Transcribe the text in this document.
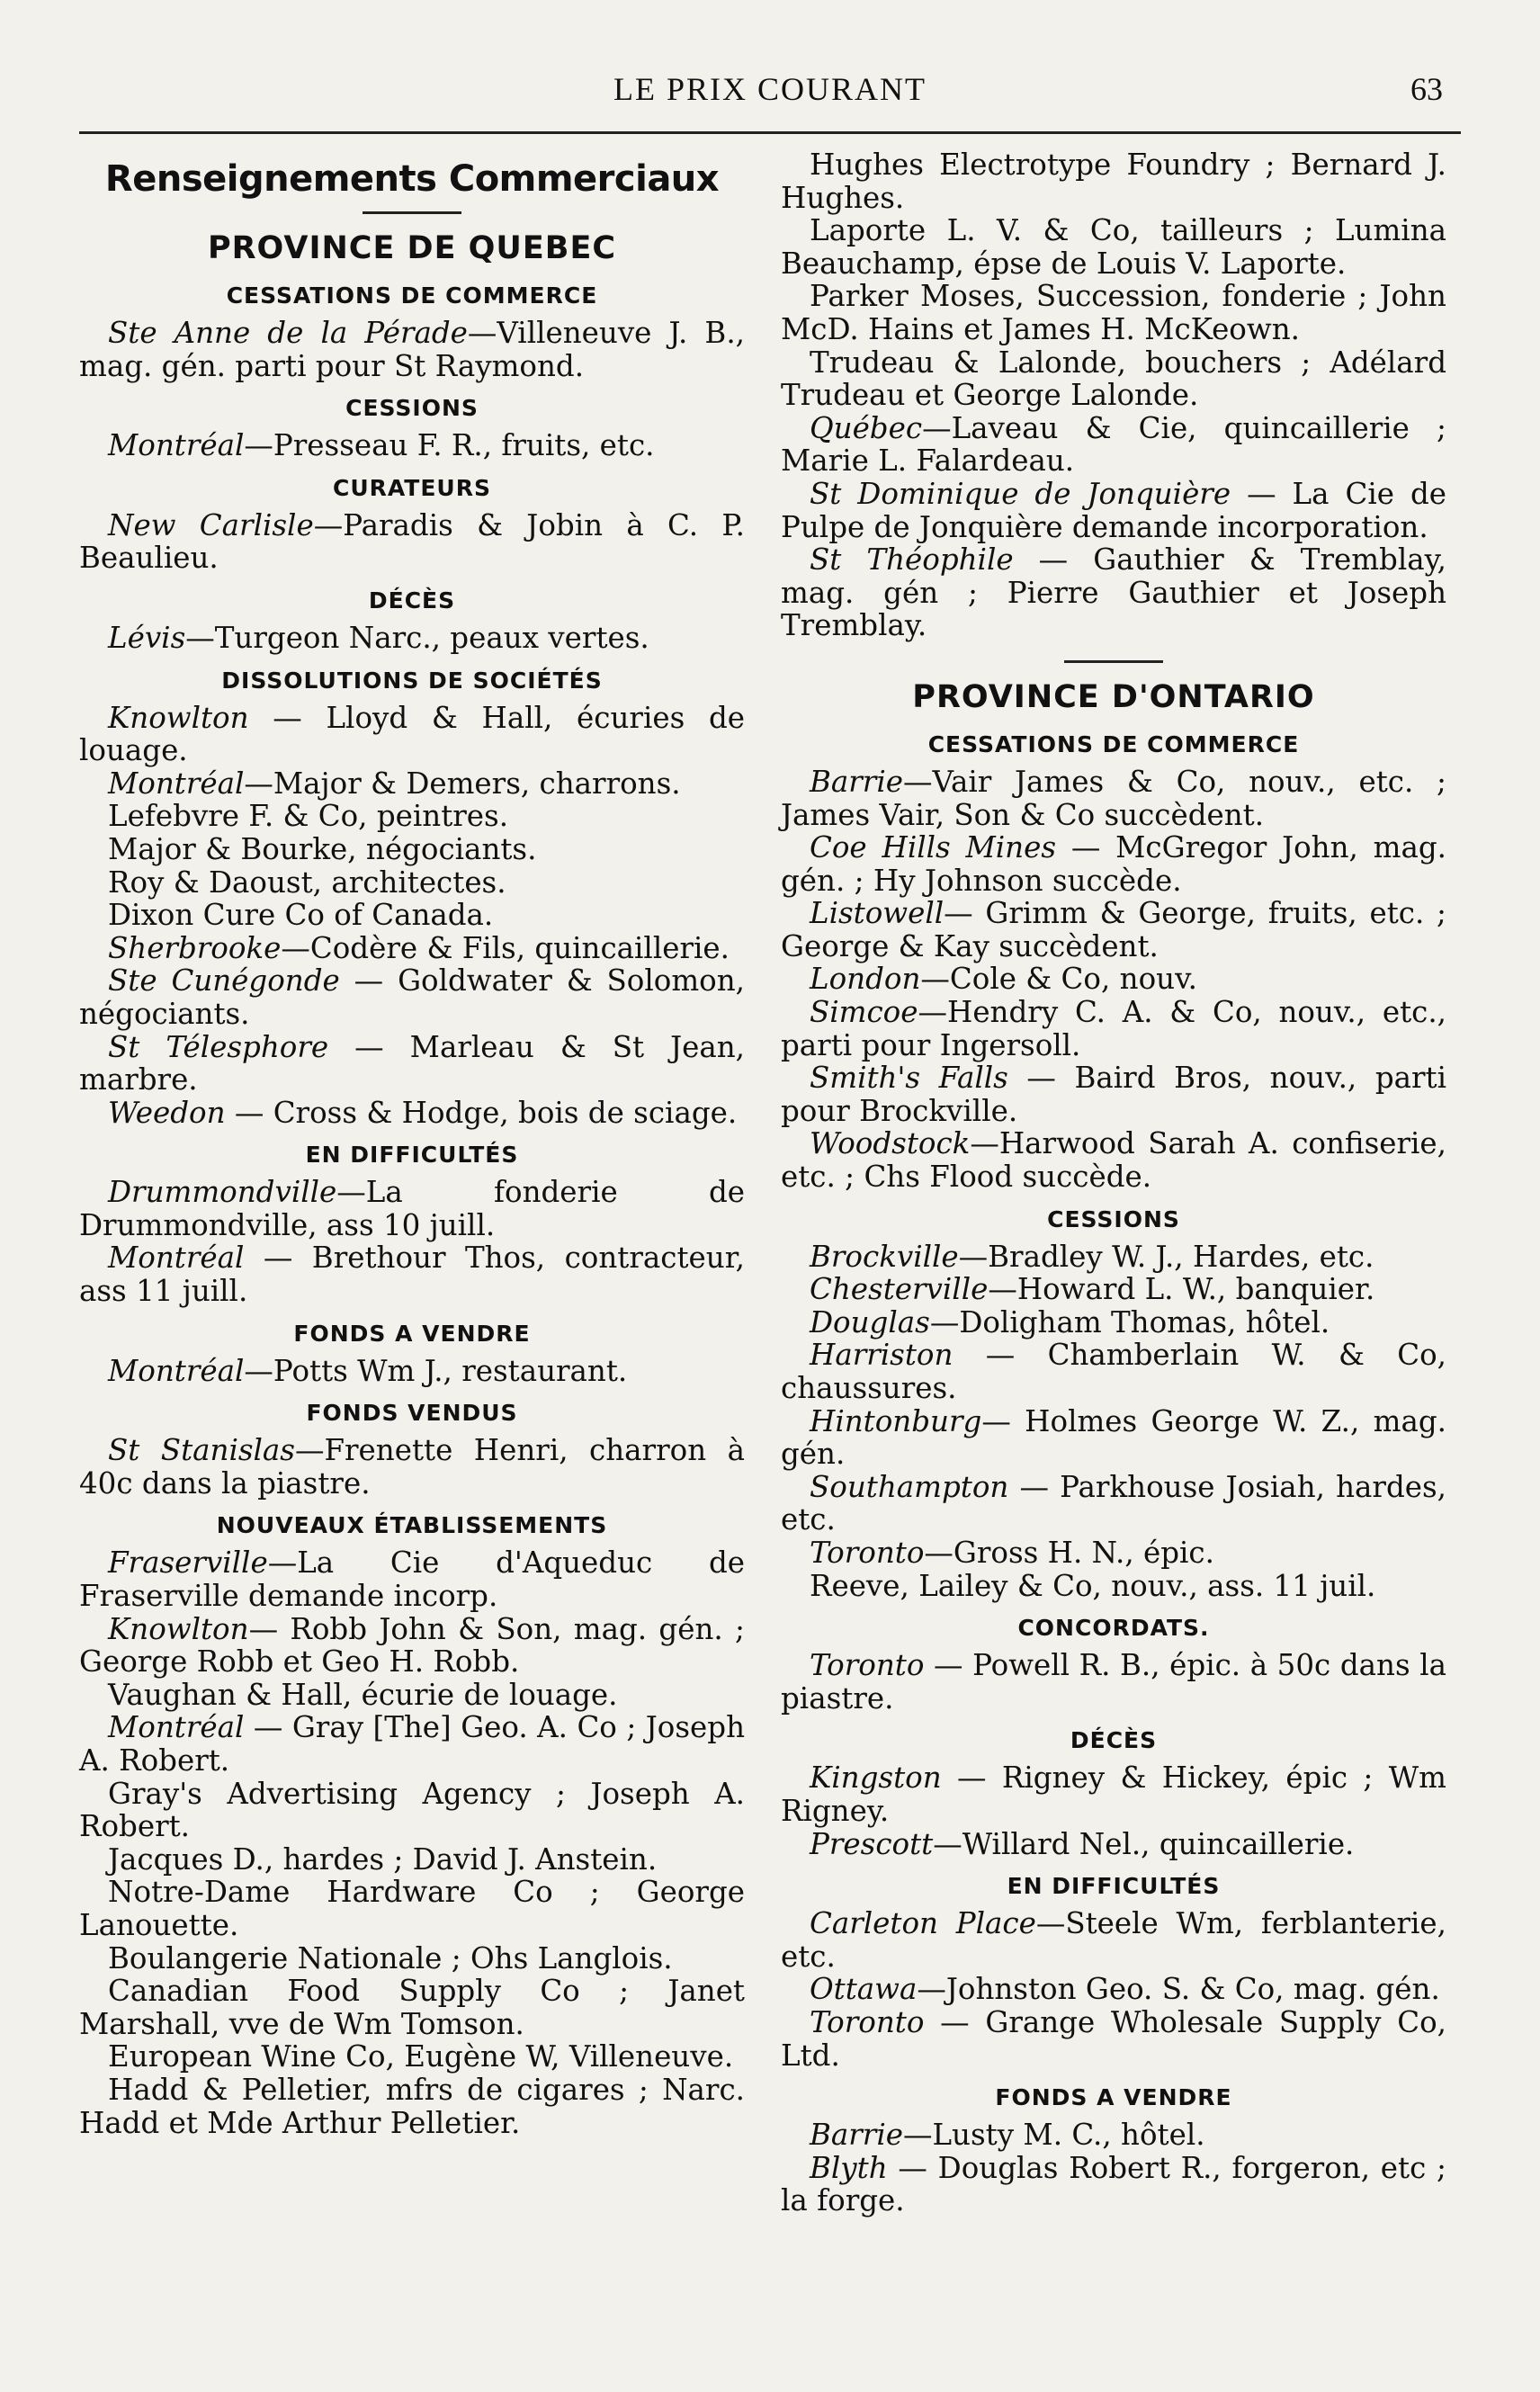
LE PRIX COURANT	63
Renseignements Commerciaux
PROVINCE DE QUEBEC
CESSATIONS DE COMMERCE

Ste Anne de la Pérade—Villeneuve J. B., mag. gén. parti pour St Raymond.

CESSIONS

Montréal—Presseau F. R., fruits, etc.

CURATEURS

New Carlisle—Paradis & Jobin à C. P. Beaulieu.

DÉCÈS

Lévis—Turgeon Narc., peaux vertes.

DISSOLUTIONS DE SOCIÉTÉS

Knowlton — Lloyd & Hall, écuries de louage.

Montréal—Major & Demers, charrons.

Lefebvre F. & Co, peintres.

Major & Bourke, négociants.

Roy & Daoust, architectes.

Dixon Cure Co of Canada.

Sherbrooke—Codère & Fils, quincaillerie.

Ste Cunégonde — Goldwater & Solomon, négociants.

St Télesphore — Marleau & St Jean, marbre.

Weedon — Cross & Hodge, bois de sciage.

EN DIFFICULTÉS

Drummondville—La fonderie de Drummondville, ass 10 juill.

Montréal — Brethour Thos, contracteur, ass 11 juill.

FONDS A VENDRE

Montréal—Potts Wm J., restaurant.

FONDS VENDUS

St Stanislas—Frenette Henri, charron à 40c dans la piastre.

NOUVEAUX ÉTABLISSEMENTS

Fraserville—La Cie d'Aqueduc de Fraserville demande incorp.

Knowlton— Robb John & Son, mag. gén. ; George Robb et Geo H. Robb.

Vaughan & Hall, écurie de louage.

Montréal — Gray [The] Geo. A. Co ; Joseph A. Robert.

Gray's Advertising Agency ; Joseph A. Robert.

Jacques D., hardes ; David J. Anstein.

Notre-Dame Hardware Co ; George Lanouette.

Boulangerie Nationale ; Ohs Langlois.

Canadian Food Supply Co ; Janet Marshall, vve de Wm Tomson.

European Wine Co, Eugène W, Villeneuve.

Hadd & Pelletier, mfrs de cigares ; Narc. Hadd et Mde Arthur Pelletier.

Hughes Electrotype Foundry ; Bernard J. Hughes.

Laporte L. V. & Co, tailleurs ; Lumina Beauchamp, épse de Louis V. Laporte.

Parker Moses, Succession, fonderie ; John McD. Hains et James H. McKeown.

Trudeau & Lalonde, bouchers ; Adélard Trudeau et George Lalonde.

Québec—Laveau & Cie, quincaillerie ; Marie L. Falardeau.

St Dominique de Jonquière — La Cie de Pulpe de Jonquière demande incorporation.

St Théophile — Gauthier & Tremblay, mag. gén ; Pierre Gauthier et Joseph Tremblay.

PROVINCE D'ONTARIO
CESSATIONS DE COMMERCE

Barrie—Vair James & Co, nouv., etc. ; James Vair, Son & Co succèdent.

Coe Hills Mines — McGregor John, mag. gén. ; Hy Johnson succède.

Listowell— Grimm & George, fruits, etc. ; George & Kay succèdent.

London—Cole & Co, nouv.

Simcoe—Hendry C. A. & Co, nouv., etc., parti pour Ingersoll.

Smith's Falls — Baird Bros, nouv., parti pour Brockville.

Woodstock—Harwood Sarah A. confiserie, etc. ; Chs Flood succède.

CESSIONS

Brockville—Bradley W. J., Hardes, etc.

Chesterville—Howard L. W., banquier.

Douglas—Doligham Thomas, hôtel.

Harriston — Chamberlain W. & Co, chaussures.

Hintonburg— Holmes George W. Z., mag. gén.

Southampton — Parkhouse Josiah, hardes, etc.

Toronto—Gross H. N., épic.

Reeve, Lailey & Co, nouv., ass. 11 juil.

CONCORDATS.

Toronto — Powell R. B., épic. à 50c dans la piastre.

DÉCÈS

Kingston — Rigney & Hickey, épic ; Wm Rigney.

Prescott—Willard Nel., quincaillerie.

EN DIFFICULTÉS

Carleton Place—Steele Wm, ferblanterie, etc.

Ottawa—Johnston Geo. S. & Co, mag. gén.

Toronto — Grange Wholesale Supply Co, Ltd.

FONDS A VENDRE

Barrie—Lusty M. C., hôtel.

Blyth — Douglas Robert R., forgeron, etc ; la forge.
